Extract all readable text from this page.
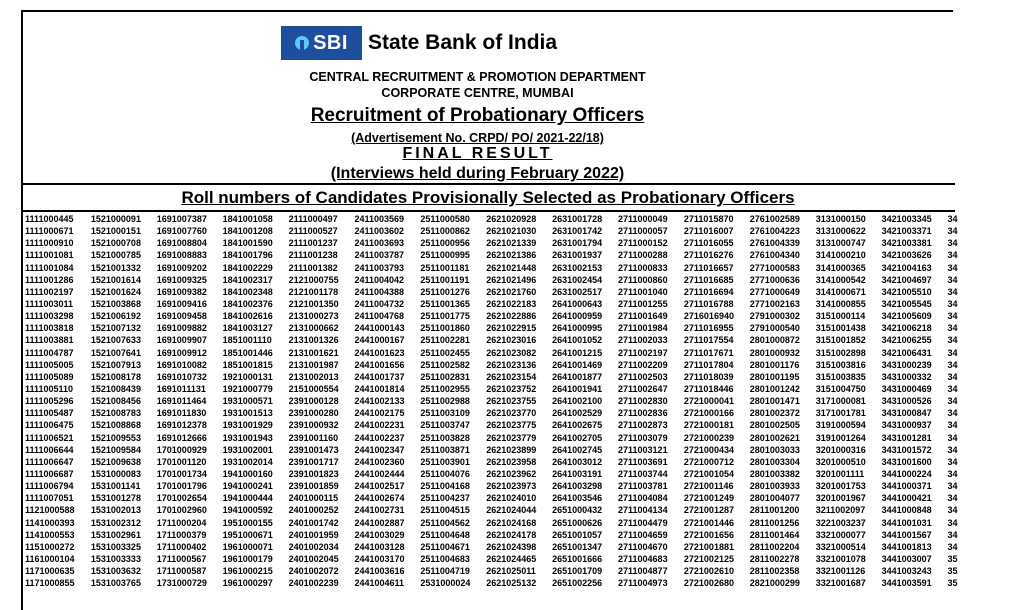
SBI State Bank of India
CENTRAL RECRUITMENT & PROMOTION DEPARTMENT
CORPORATE CENTRE, MUMBAI
Recruitment of Probationary Officers
(Advertisement No. CRPD/ PO/ 2021-22/18)
FINAL RESULT
(Interviews held during February 2022)
Roll numbers of Candidates Provisionally Selected as Probationary Officers
1111000445	1521000091	1691007387	1841001058	2111000497	2411003569	2511000580	2621020928	2631001728	2711000049	2711015870	2761002589	3131000150	3421003345	34
1111000671	1521000151	1691007760	1841001208	2111000527	2411003602	2511000862	2621021030	2631001742	2711000057	2711016007	2761004223	3131000622	3421003371	34
1111000910	1521000708	1691008804	1841001590	2111001237	2411003693	2511000956	2621021339	2631001794	2711000152	2711016055	2761004339	3131000747	3421003381	34
1111001081	1521000785	1691008883	1841001796	2111001238	2411003787	2511000995	2621021386	2631001937	2711000288	2711016276	2761004340	3141000210	3421003626	34
1111001084	1521001332	1691009202	1841002229	2111001382	2411003793	2511001181	2621021448	2631002153	2711000833	2711016657	2771000583	3141000365	3421004163	34
1111001286	1521001614	1691009325	1841002317	2121000755	2411004042	2511001191	2621021496	2631002454	2711000860	2711016685	2771000636	3141000542	3421004697	34
1111002197	1521001624	1691009382	1841002348	2121001178	2411004388	2511001276	2621021760	2631002517	2711001040	2711016694	2771000649	3141000671	3421005510	34
1111003011	1521003868	1691009416	1841002376	2121001350	2411004732	2511001365	2621022183	2641000643	2711001255	2711016788	2771002163	3141000855	3421005545	34
1111003298	1521006192	1691009458	1841002616	2131000273	2411004768	2511001775	2621022886	2641000959	2711001649	2716016940	2791000302	3151000114	3421005609	34
1111003818	1521007132	1691009882	1841003127	2131000662	2441000143	2511001860	2621022915	2641000995	2711001984	2711016955	2791000540	3151001438	3421006218	34
1111003881	1521007633	1691009907	1851001110	2131001326	2441000167	2511002281	2621023016	2641001052	2711002033	2711017554	2801000872	3151001852	3421006255	34
1111004787	1521007641	1691009912	1851001446	2131001621	2441001623	2511002455	2621023082	2641001215	2711002197	2711017671	2801000932	3151002898	3421006431	34
1111005005	1521007913	1691010082	1851001815	2131001987	2441001656	2511002582	2621023136	2641001469	2711002209	2711017804	2801001176	3151003816	3431000239	34
1111005089	1521008178	1691010732	1921000131	2131002013	2441001737	2511002831	2621023154	2641001877	2711002503	2711018039	2801001195	3151003835	3431000332	34
1111005110	1521008439	1691011131	1921000779	2151000554	2441001814	2511002955	2621023752	2641001941	2711002647	2711018446	2801001242	3151004750	3431000469	34
1111005296	1521008456	1691011464	1931000571	2391000128	2441002133	2511002988	2621023755	2641002100	2711002830	2721000041	2801001471	3171000081	3431000526	34
1111005487	1521008783	1691011830	1931001513	2391000280	2441002175	2511003109	2621023770	2641002529	2711002836	2721000166	2801002372	3171001781	3431000847	34
1111006475	1521008868	1691012378	1931001929	2391000932	2441002231	2511003747	2621023775	2641002675	2711002873	2721000181	2801002505	3191000594	3431000937	34
1111006521	1521009553	1691012666	1931001943	2391001160	2441002237	2511003828	2621023779	2641002705	2711003079	2721000239	2801002621	3191001264	3431001281	34
1111006644	1521009584	1701000929	1931002001	2391001473	2441002347	2511003871	2621023899	2641002745	2711003121	2721000434	2801003033	3201000316	3431001572	34
1111006647	1521009638	1701001120	1931002014	2391001717	2441002360	2511003901	2621023958	2641003012	2711003691	2721000712	2801003304	3201000510	3431001600	34
1111006687	1531000083	1701001734	1941000160	2391001823	2441002444	2511004076	2621023962	2641003191	2711003744	2721001054	2801003382	3201001111	3441000224	34
1111006794	1531001141	1701001796	1941000241	2391001859	2441002517	2511004168	2621023973	2641003298	2711003781	2721001146	2801003933	3201001753	3441000371	34
1111007051	1531001278	1701002654	1941000444	2401000115	2441002674	2511004237	2621024010	2641003546	2711004084	2721001249	2801004077	3201001967	3441000421	34
1121000588	1531002013	1701002960	1941000592	2401000252	2441002731	2511004515	2621024044	2651000432	2711004134	2721001287	2811001200	3211002097	3441000848	34
1141000393	1531002312	1711000204	1951000155	2401001742	2441002887	2511004562	2621024168	2651000626	2711004479	2721001446	2811001256	3221003237	3441001031	34
1141000553	1531002961	1711000379	1951000671	2401001959	2441003029	2511004648	2621024178	2651001057	2711004659	2721001656	2811001464	3321000077	3441001567	34
1151000272	1531003325	1711000402	1961000071	2401002034	2441003128	2511004671	2621024398	2651001347	2711004670	2721001881	2811002204	3321000514	3441001813	34
1161000104	1531003333	1711000567	1961000179	2401002045	2441003170	2511004683	2621024465	2651001666	2711004683	2721002125	2811002278	3321001078	3441003007	35
1171000635	1531003632	1711000587	1961000215	2401002072	2441003616	2511004719	2621025011	2651001709	2711004877	2721002610	2811002358	3321001126	3441003243	35
1171000855	1531003765	1731000729	1961000297	2401002239	2441004611	2531000024	2621025132	2651002256	2711004973	2721002680	2821000299	3321001687	3441003591	35
